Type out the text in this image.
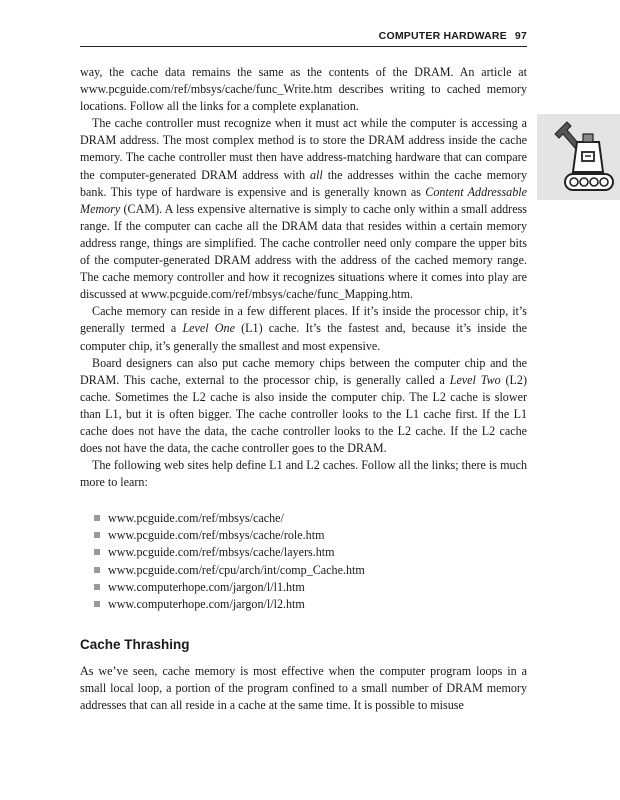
COMPUTER HARDWARE 97

way, the cache data remains the same as the contents of the DRAM. An article at www.pcguide.com/ref/mbsys/cache/func_Write.htm describes writing to cached memory locations. Follow all the links for a complete explanation.

The cache controller must recognize when it must act while the computer is accessing a DRAM address. The most complex method is to store the DRAM address inside the cache memory. The cache controller must then have address-matching hardware that can compare the computer-generated DRAM address with all the addresses within the cache memory bank. This type of hardware is expensive and is generally known as Content Addressable Memory (CAM). A less expensive alternative is simply to cache only within a small address range. If the computer can cache all the DRAM data that resides within a certain memory address range, things are simplified. The cache controller need only compare the upper bits of the computer-generated DRAM address with the address of the cached memory range. The cache memory controller and how it recognizes situations where it comes into play are discussed at www.pcguide.com/ref/mbsys/cache/func_Mapping.htm.

Cache memory can reside in a few different places. If it’s inside the processor chip, it’s generally termed a Level One (L1) cache. It’s the fastest and, because it’s inside the computer chip, it’s generally the smallest and most expensive.

Board designers can also put cache memory chips between the computer chip and the DRAM. This cache, external to the processor chip, is generally called a Level Two (L2) cache. Sometimes the L2 cache is also inside the computer chip. The L2 cache is slower than L1, but it is often bigger. The cache controller looks to the L1 cache first. If the L1 cache does not have the data, the cache controller looks to the L2 cache. If the L2 cache does not have the data, the cache controller goes to the DRAM.

The following web sites help define L1 and L2 caches. Follow all the links; there is much more to learn:

www.pcguide.com/ref/mbsys/cache/
www.pcguide.com/ref/mbsys/cache/role.htm
www.pcguide.com/ref/mbsys/cache/layers.htm
www.pcguide.com/ref/cpu/arch/int/comp_Cache.htm
www.computerhope.com/jargon/l/l1.htm
www.computerhope.com/jargon/l/l2.htm
Cache Thrashing

As we’ve seen, cache memory is most effective when the computer program loops in a small local loop, a portion of the program confined to a small number of DRAM memory addresses that can all reside in a cache at the same time. It is possible to misuse
